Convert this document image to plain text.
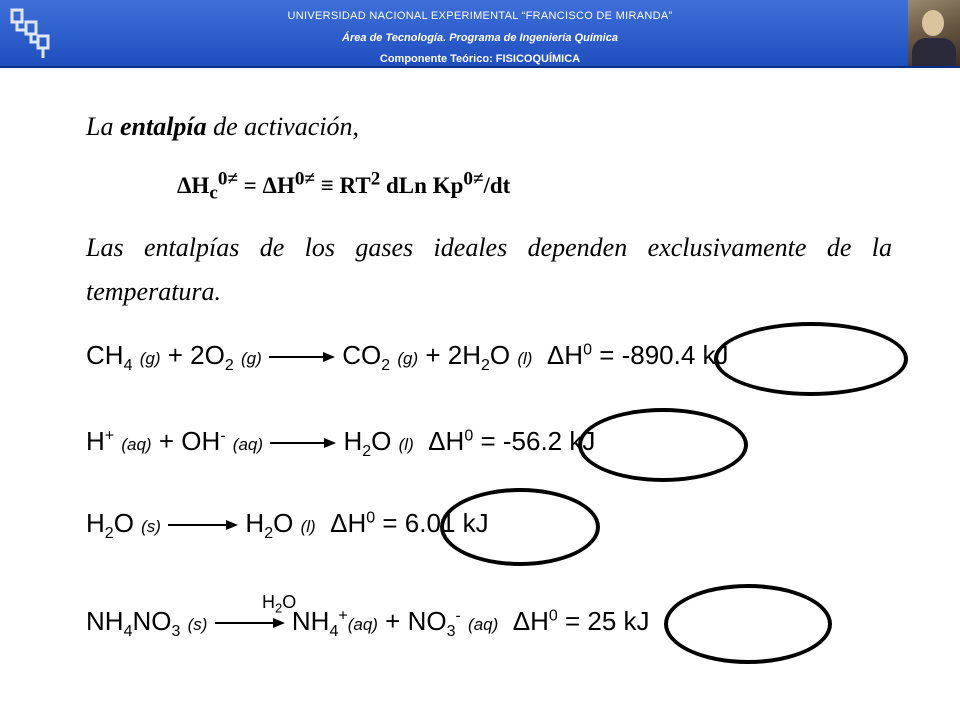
UNIVERSIDAD NACIONAL EXPERIMENTAL “FRANCISCO DE MIRANDA”
Área de Tecnología. Programa de Ingeniería Química
Componente Teórico: FISICOQUÍMICA
La entalpía de activación,
$\Delta H_c^{0\ne} = \Delta H^{0\ne} \equiv RT^2$ dLn $Kp^{0\ne}/dt$
Las entalpías de los gases ideales dependen exclusivamente de la
temperatura.
$CH_4$ $(g) + 2O_2$ (g)	$CO_2$ $(g) + 2H_2O$ (l)  $\Delta H^0 = -890.4$ kJ
H+ (aq) + OH- (aq)	$H_2O$ (l)  $\Delta H^0 = -56.2$ kJ
$H_2O$ (s)	$H_2O$ (l)  $\Delta H^0 = 6.01$ kJ
$H_2O$
$NH_4NO_3$ (s)	$NH_4^+(aq) + NO_3^-$ (aq)  $\Delta H^0 = 25$ kJ
